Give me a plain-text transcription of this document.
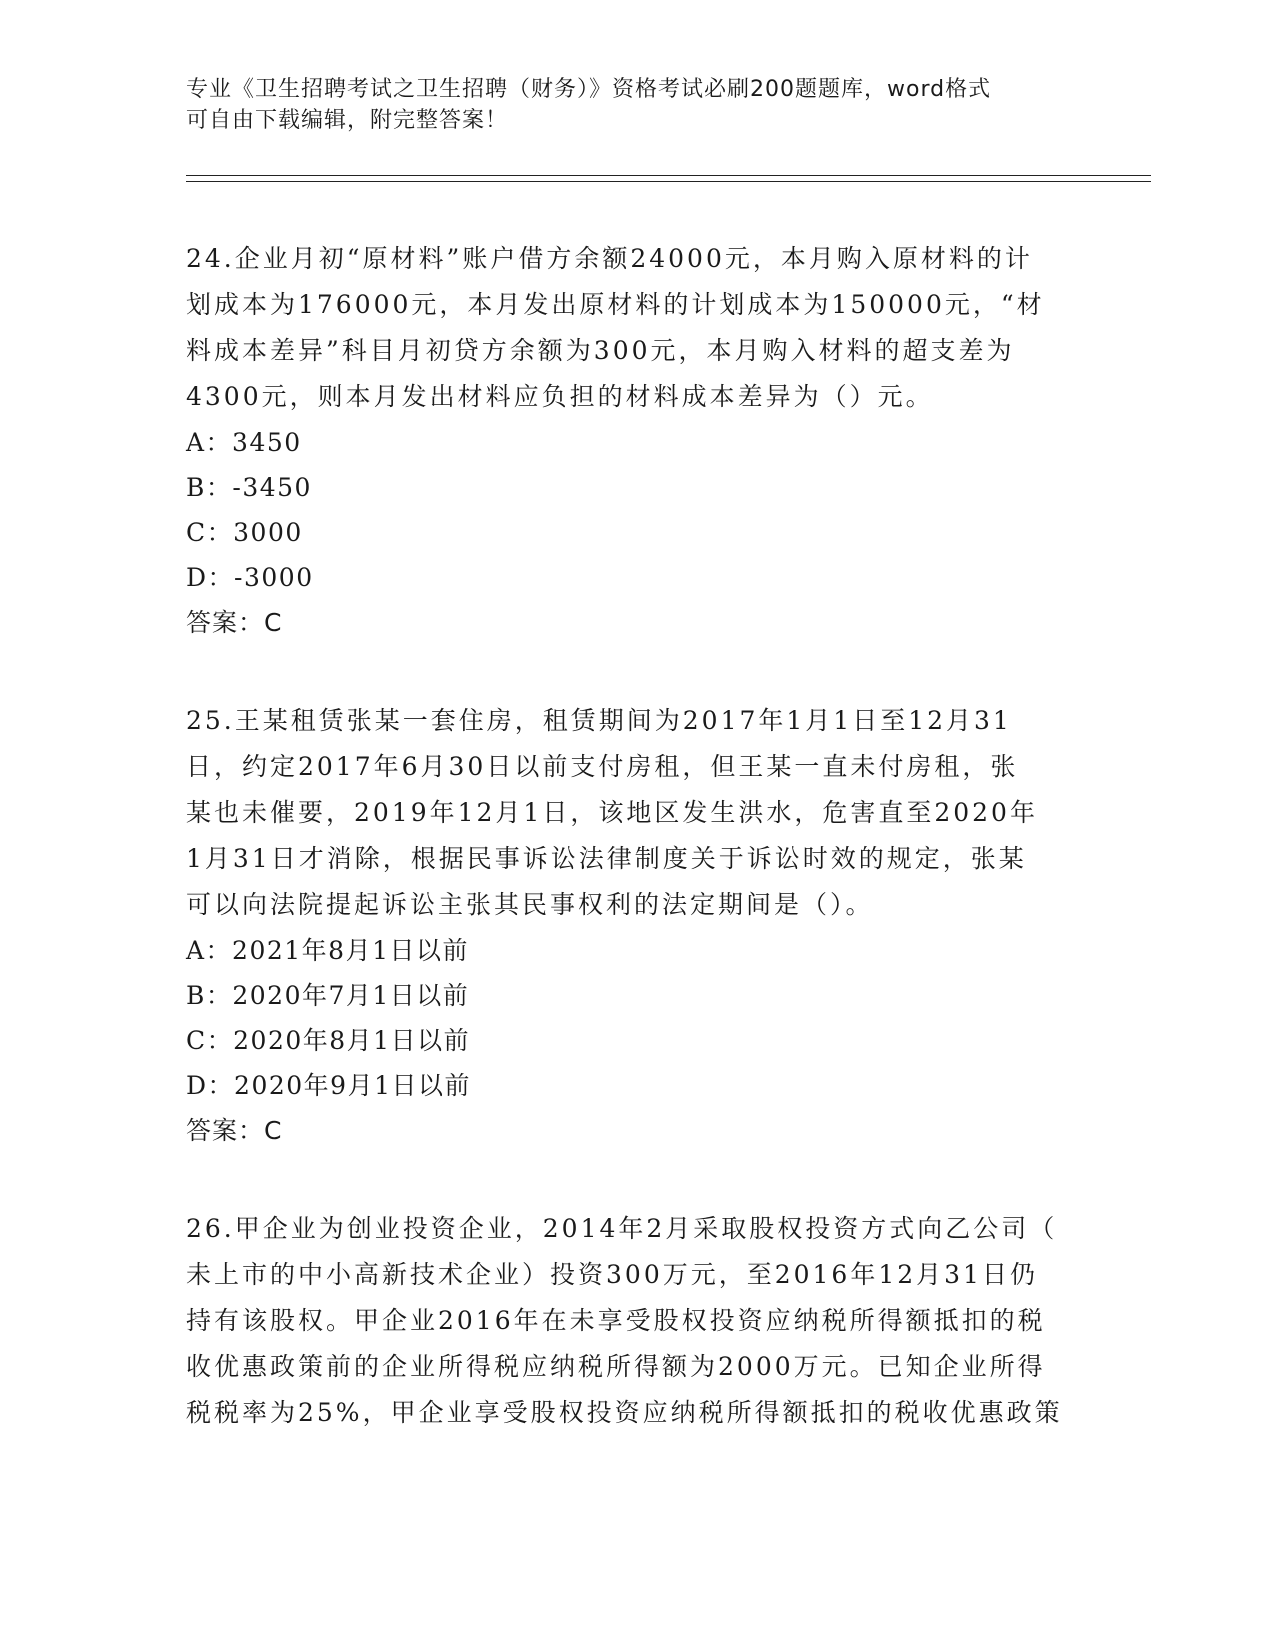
专业《卫生招聘考试之卫生招聘（财务）》资格考试必刷200题题库，word格式
可自由下载编辑，附完整答案！
24.企业月初“原材料”账户借方余额24000元，本月购入原材料的计
划成本为176000元，本月发出原材料的计划成本为150000元，“材
料成本差异”科目月初贷方余额为300元，本月购入材料的超支差为
4300元，则本月发出材料应负担的材料成本差异为（）元。
A：3450
B：-3450
C：3000
D：-3000
答案：C
25.王某租赁张某一套住房，租赁期间为2017年1月1日至12月31
日，约定2017年6月30日以前支付房租，但王某一直未付房租，张
某也未催要，2019年12月1日，该地区发生洪水，危害直至2020年
1月31日才消除，根据民事诉讼法律制度关于诉讼时效的规定，张某
可以向法院提起诉讼主张其民事权利的法定期间是（）。
A：2021年8月1日以前
B：2020年7月1日以前
C：2020年8月1日以前
D：2020年9月1日以前
答案：C
26.甲企业为创业投资企业，2014年2月采取股权投资方式向乙公司（
未上市的中小高新技术企业）投资300万元，至2016年12月31日仍
持有该股权。甲企业2016年在未享受股权投资应纳税所得额抵扣的税
收优惠政策前的企业所得税应纳税所得额为2000万元。已知企业所得
税税率为25%，甲企业享受股权投资应纳税所得额抵扣的税收优惠政策
